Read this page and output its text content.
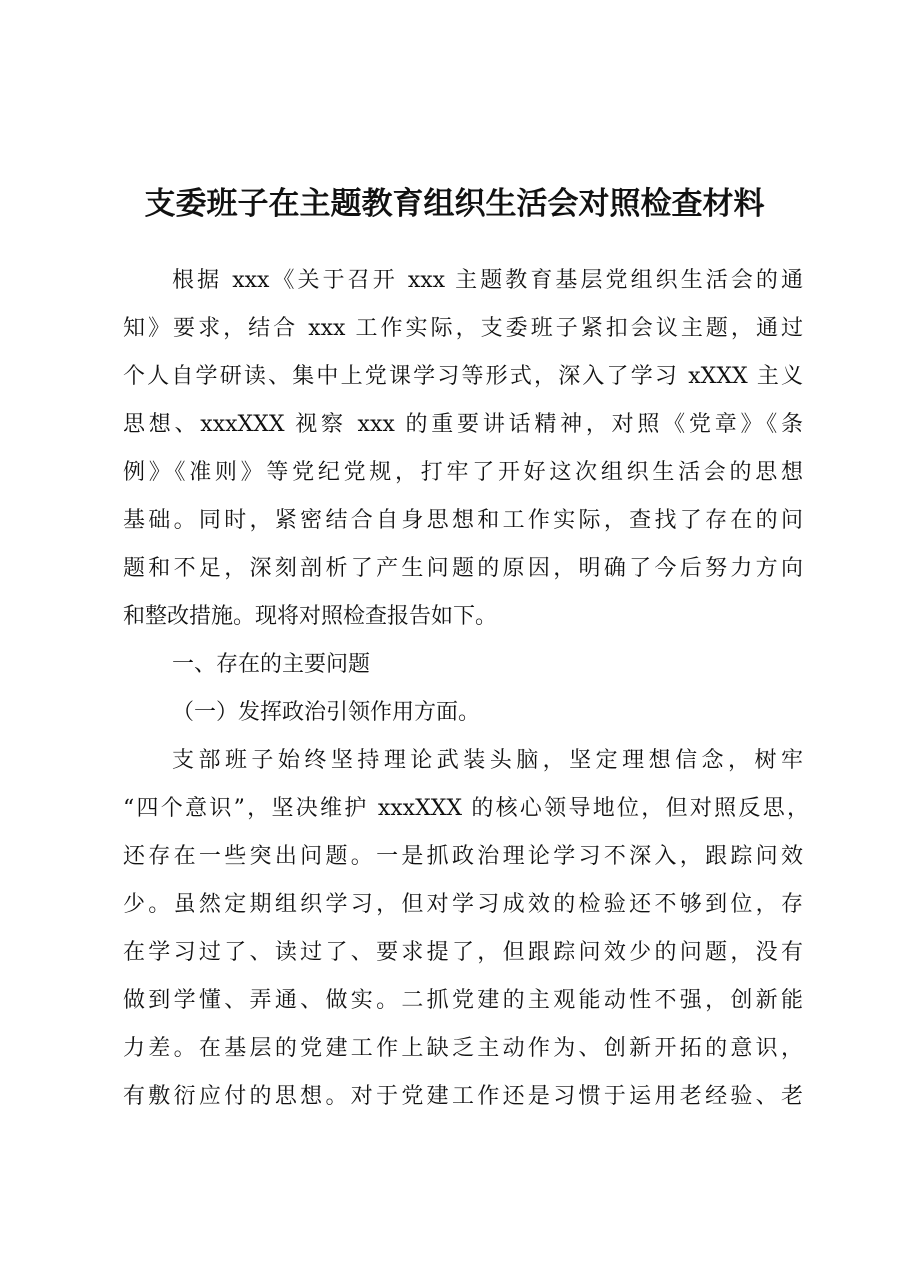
支委班子在主题教育组织生活会对照检查材料
根据 xxx《关于召开 xxx 主题教育基层党组织生活会的通
知》要求，结合 xxx 工作实际，支委班子紧扣会议主题，通过
个人自学研读、集中上党课学习等形式，深入了学习 xXXX 主义
思想、xxxXXX 视察 xxx 的重要讲话精神，对照《党章》《条
例》《准则》等党纪党规，打牢了开好这次组织生活会的思想
基础。同时，紧密结合自身思想和工作实际，查找了存在的问
题和不足，深刻剖析了产生问题的原因，明确了今后努力方向
和整改措施。现将对照检查报告如下。
一、存在的主要问题
（一）发挥政治引领作用方面。
支部班子始终坚持理论武装头脑，坚定理想信念，树牢
“四个意识”，坚决维护 xxxXXX 的核心领导地位，但对照反思，
还存在一些突出问题。一是抓政治理论学习不深入，跟踪问效
少。虽然定期组织学习，但对学习成效的检验还不够到位，存
在学习过了、读过了、要求提了，但跟踪问效少的问题，没有
做到学懂、弄通、做实。二抓党建的主观能动性不强，创新能
力差。在基层的党建工作上缺乏主动作为、创新开拓的意识，
有敷衍应付的思想。对于党建工作还是习惯于运用老经验、老
